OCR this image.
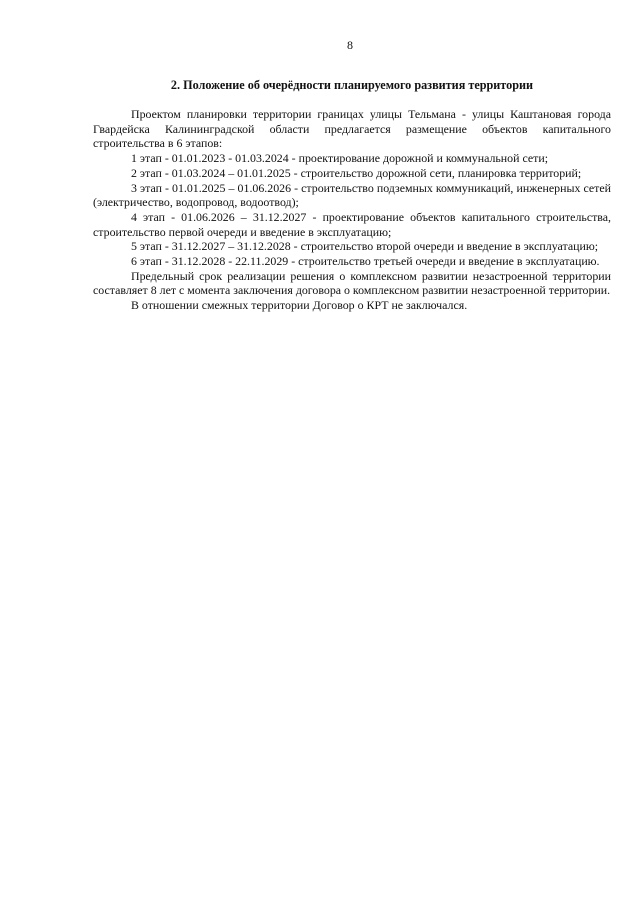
8
2. Положение об очерёдности планируемого развития территории

Проектом планировки территории границах улицы Тельмана - улицы Каштановая города Гвардейска Калининградской области предлагается размещение объектов капитального строительства в 6 этапов:

1 этап - 01.01.2023 - 01.03.2024 - проектирование дорожной и коммунальной сети;

2 этап - 01.03.2024 – 01.01.2025 - строительство дорожной сети, планировка территорий;

3 этап - 01.01.2025 – 01.06.2026 - строительство подземных коммуникаций, инженерных сетей (электричество, водопровод, водоотвод);

4 этап - 01.06.2026 – 31.12.2027 - проектирование объектов капитального строительства, строительство первой очереди и введение в эксплуатацию;

5 этап - 31.12.2027 – 31.12.2028 - строительство второй очереди и введение в эксплуатацию;

6 этап - 31.12.2028 - 22.11.2029 - строительство третьей очереди и введение в эксплуатацию.

Предельный срок реализации решения о комплексном развитии незастроенной территории составляет 8 лет с момента заключения договора о комплексном развитии незастроенной территории.

В отношении смежных территории Договор о КРТ не заключался.
